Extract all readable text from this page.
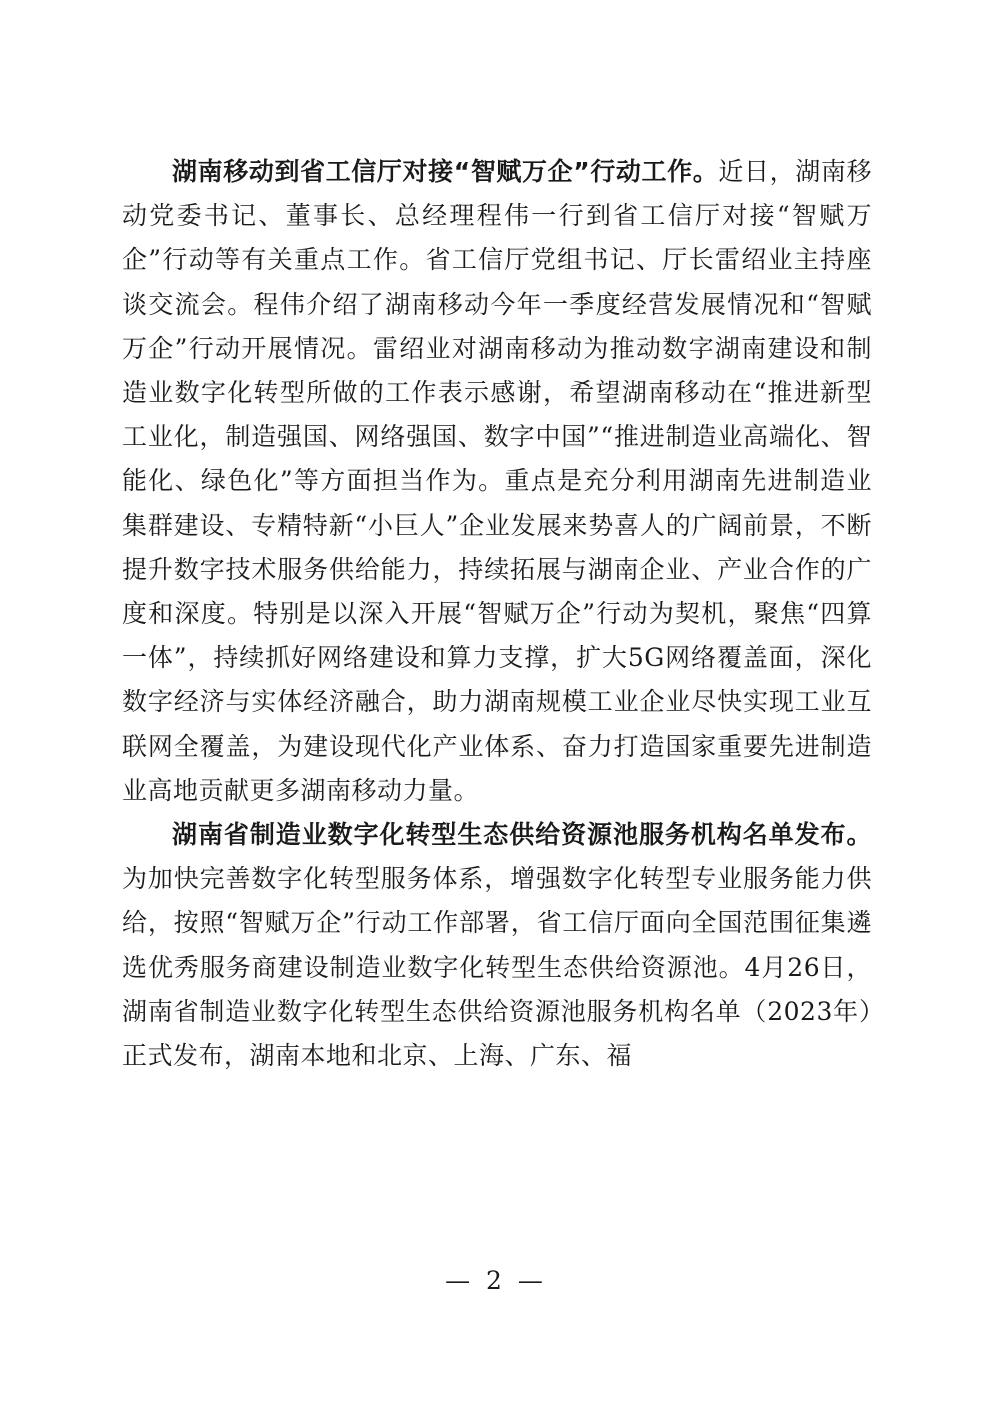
湖南移动到省工信厅对接“智赋万企”行动工作。近日，湖南移动党委书记、董事长、总经理程伟一行到省工信厅对接“智赋万企”行动等有关重点工作。省工信厅党组书记、厅长雷绍业主持座谈交流会。程伟介绍了湖南移动今年一季度经营发展情况和“智赋万企”行动开展情况。雷绍业对湖南移动为推动数字湖南建设和制造业数字化转型所做的工作表示感谢，希望湖南移动在“推进新型工业化，制造强国、网络强国、数字中国”“推进制造业高端化、智能化、绿色化”等方面担当作为。重点是充分利用湖南先进制造业集群建设、专精特新“小巨人”企业发展来势喜人的广阔前景，不断提升数字技术服务供给能力，持续拓展与湖南企业、产业合作的广度和深度。特别是以深入开展“智赋万企”行动为契机，聚焦“四算一体”，持续抓好网络建设和算力支撑，扩大5G网络覆盖面，深化数字经济与实体经济融合，助力湖南规模工业企业尽快实现工业互联网全覆盖，为建设现代化产业体系、奋力打造国家重要先进制造业高地贡献更多湖南移动力量。

湖南省制造业数字化转型生态供给资源池服务机构名单发布。为加快完善数字化转型服务体系，增强数字化转型专业服务能力供给，按照“智赋万企”行动工作部署，省工信厅面向全国范围征集遴选优秀服务商建设制造业数字化转型生态供给资源池。4月26日，湖南省制造业数字化转型生态供给资源池服务机构名单（2023年）正式发布，湖南本地和北京、上海、广东、福

— 2 —
